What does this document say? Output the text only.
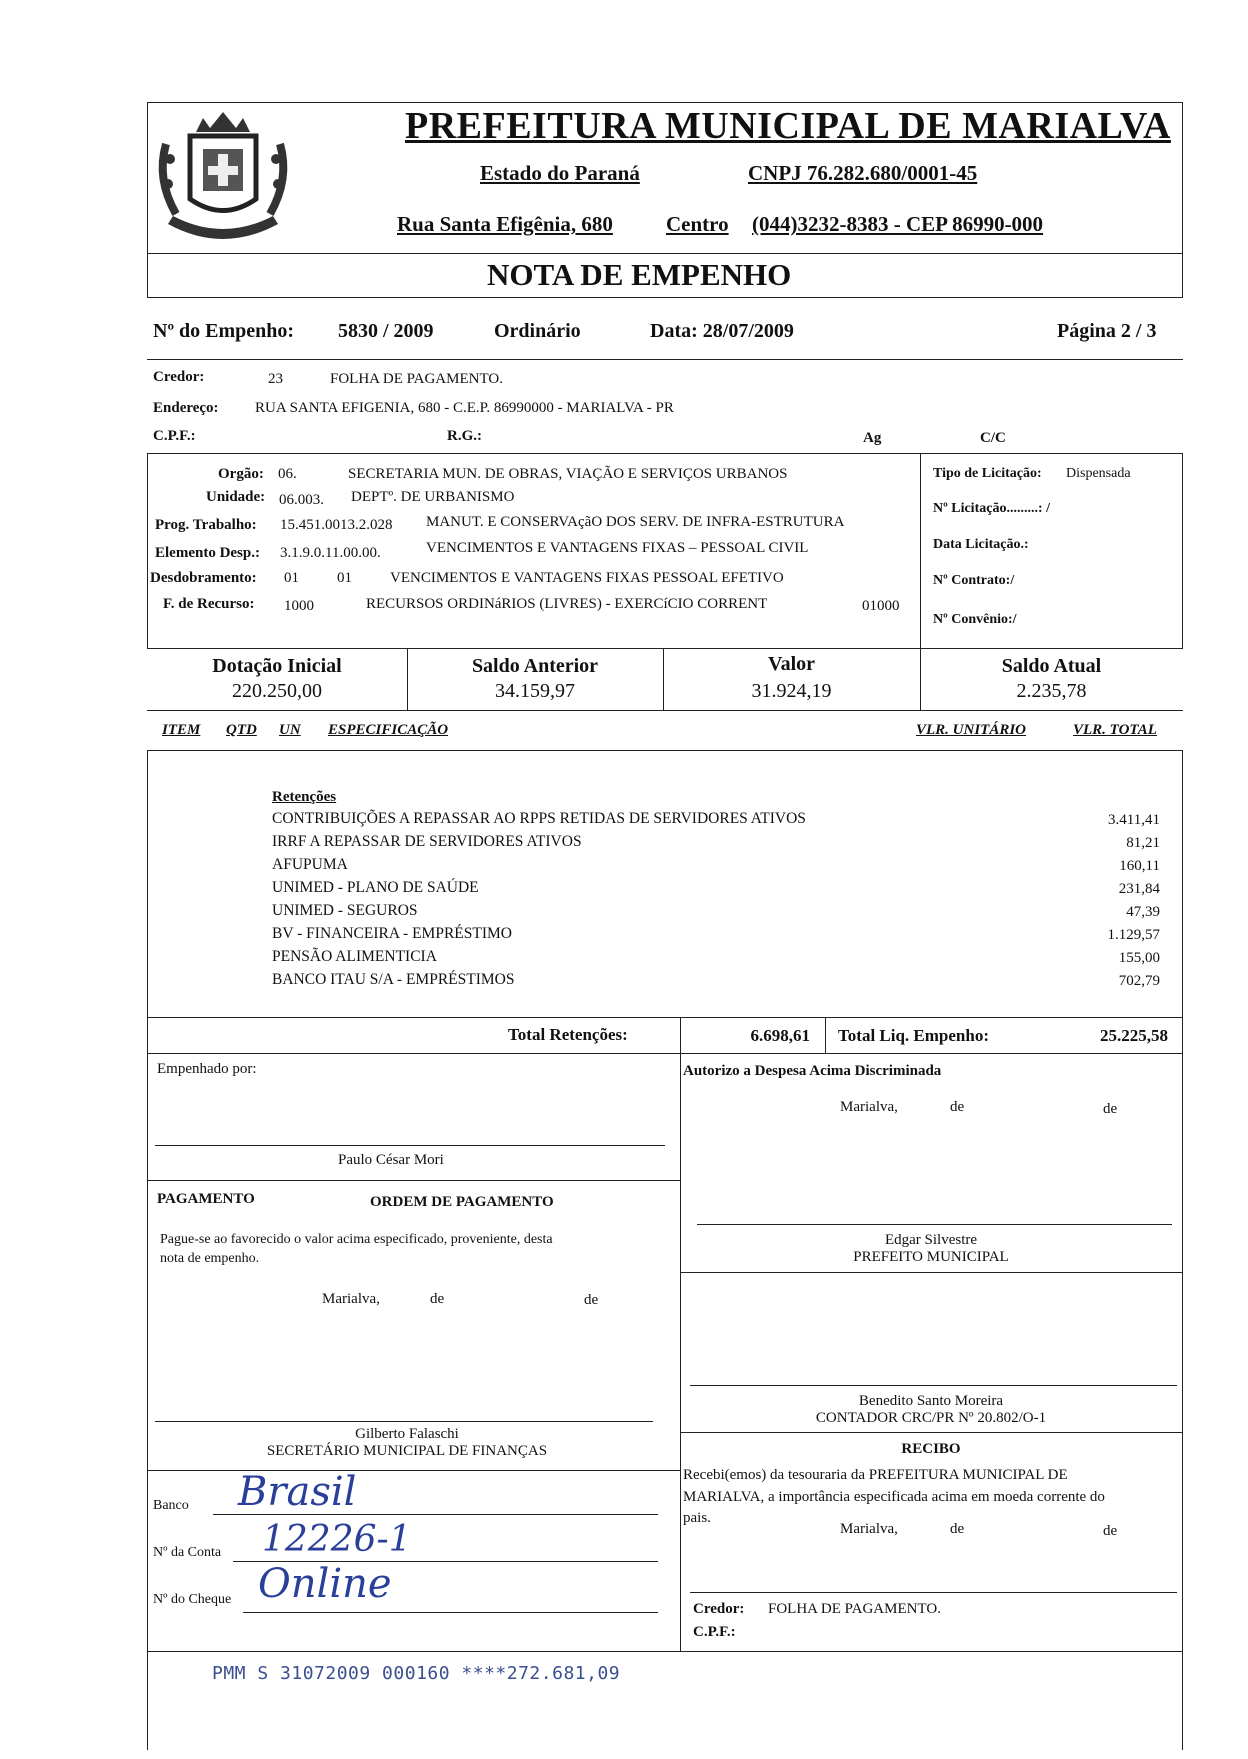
PREFEITURA MUNICIPAL DE MARIALVA
Estado do Paraná	CNPJ 76.282.680/0001-45
Rua Santa Efigênia, 680	Centro (044)3232-8383 - CEP 86990-000
NOTA DE EMPENHO
Nº do Empenho: 5830 / 2009	Ordinário	Data: 28/07/2009	Página 2 / 3
Credor:	23	FOLHA DE PAGAMENTO.
Endereço: RUA SANTA EFIGENIA, 680 - C.E.P. 86990000 - MARIALVA - PR
C.P.F.:	R.G.:	Ag	C/C
Orgão: 06.	SECRETARIA MUN. DE OBRAS, VIAÇÃO E SERVIÇOS URBANOS
Unidade: 06.003. DEPTº. DE URBANISMO
Prog. Trabalho: 15.451.0013.2.028 MANUT. E CONSERVAçãO DOS SERV. DE INFRA-ESTRUTURA
Elemento Desp.: 3.1.9.0.11.00.00.	VENCIMENTOS E VANTAGENS FIXAS – PESSOAL CIVIL
Desdobramento: 01	01	VENCIMENTOS E VANTAGENS FIXAS PESSOAL EFETIVO
F. de Recurso: 1000	RECURSOS ORDINáRIOS (LIVRES) - EXERCíCIO CORRENT	01000
Tipo de Licitação: Dispensada
Nº Licitação.........: /
Data Licitação.:
Nº Contrato:/
Nº Convênio:/
Dotação Inicial
220.250,00
Saldo Anterior
34.159,97
Valor
31.924,19
Saldo Atual
2.235,78
ITEM QTD UN ESPECIFICAÇÃO	VLR. UNITÁRIO	VLR. TOTAL
Retenções
CONTRIBUIÇÕES A REPASSAR AO RPPS RETIDAS DE SERVIDORES ATIVOS	3.411,41
IRRF A REPASSAR DE SERVIDORES ATIVOS	81,21
AFUPUMA	160,11
UNIMED - PLANO DE SAÚDE	231,84
UNIMED - SEGUROS	47,39
BV - FINANCEIRA - EMPRÉSTIMO	1.129,57
PENSÃO ALIMENTICIA	155,00
BANCO ITAU S/A - EMPRÉSTIMOS	702,79
Total Retenções:	6.698,61 Total Liq. Empenho:	25.225,58
Empenhado por:
Paulo César Mori
Autorizo a Despesa Acima Discriminada
Marialva,	de	de
PAGAMENTO	ORDEM DE PAGAMENTO
Pague-se ao favorecido o valor acima especificado, proveniente, desta
nota de empenho.
Marialva,	de	de
Edgar Silvestre
PREFEITO MUNICIPAL
Benedito Santo Moreira
CONTADOR CRC/PR Nº 20.802/O-1
Gilberto Falaschi
SECRETÁRIO MUNICIPAL DE FINANÇAS	RECIBO
Recebi(emos) da tesouraria da PREFEITURA MUNICIPAL DE
MARIALVA, a importância especificada acima em moeda corrente do
pais.
Marialva,	de	de
Banco Brasil
Nº da Conta 12226-1
Nº do Cheque Online
Credor: FOLHA DE PAGAMENTO.
C.P.F.:
PMM S 31072009 000160 ****272.681,09
